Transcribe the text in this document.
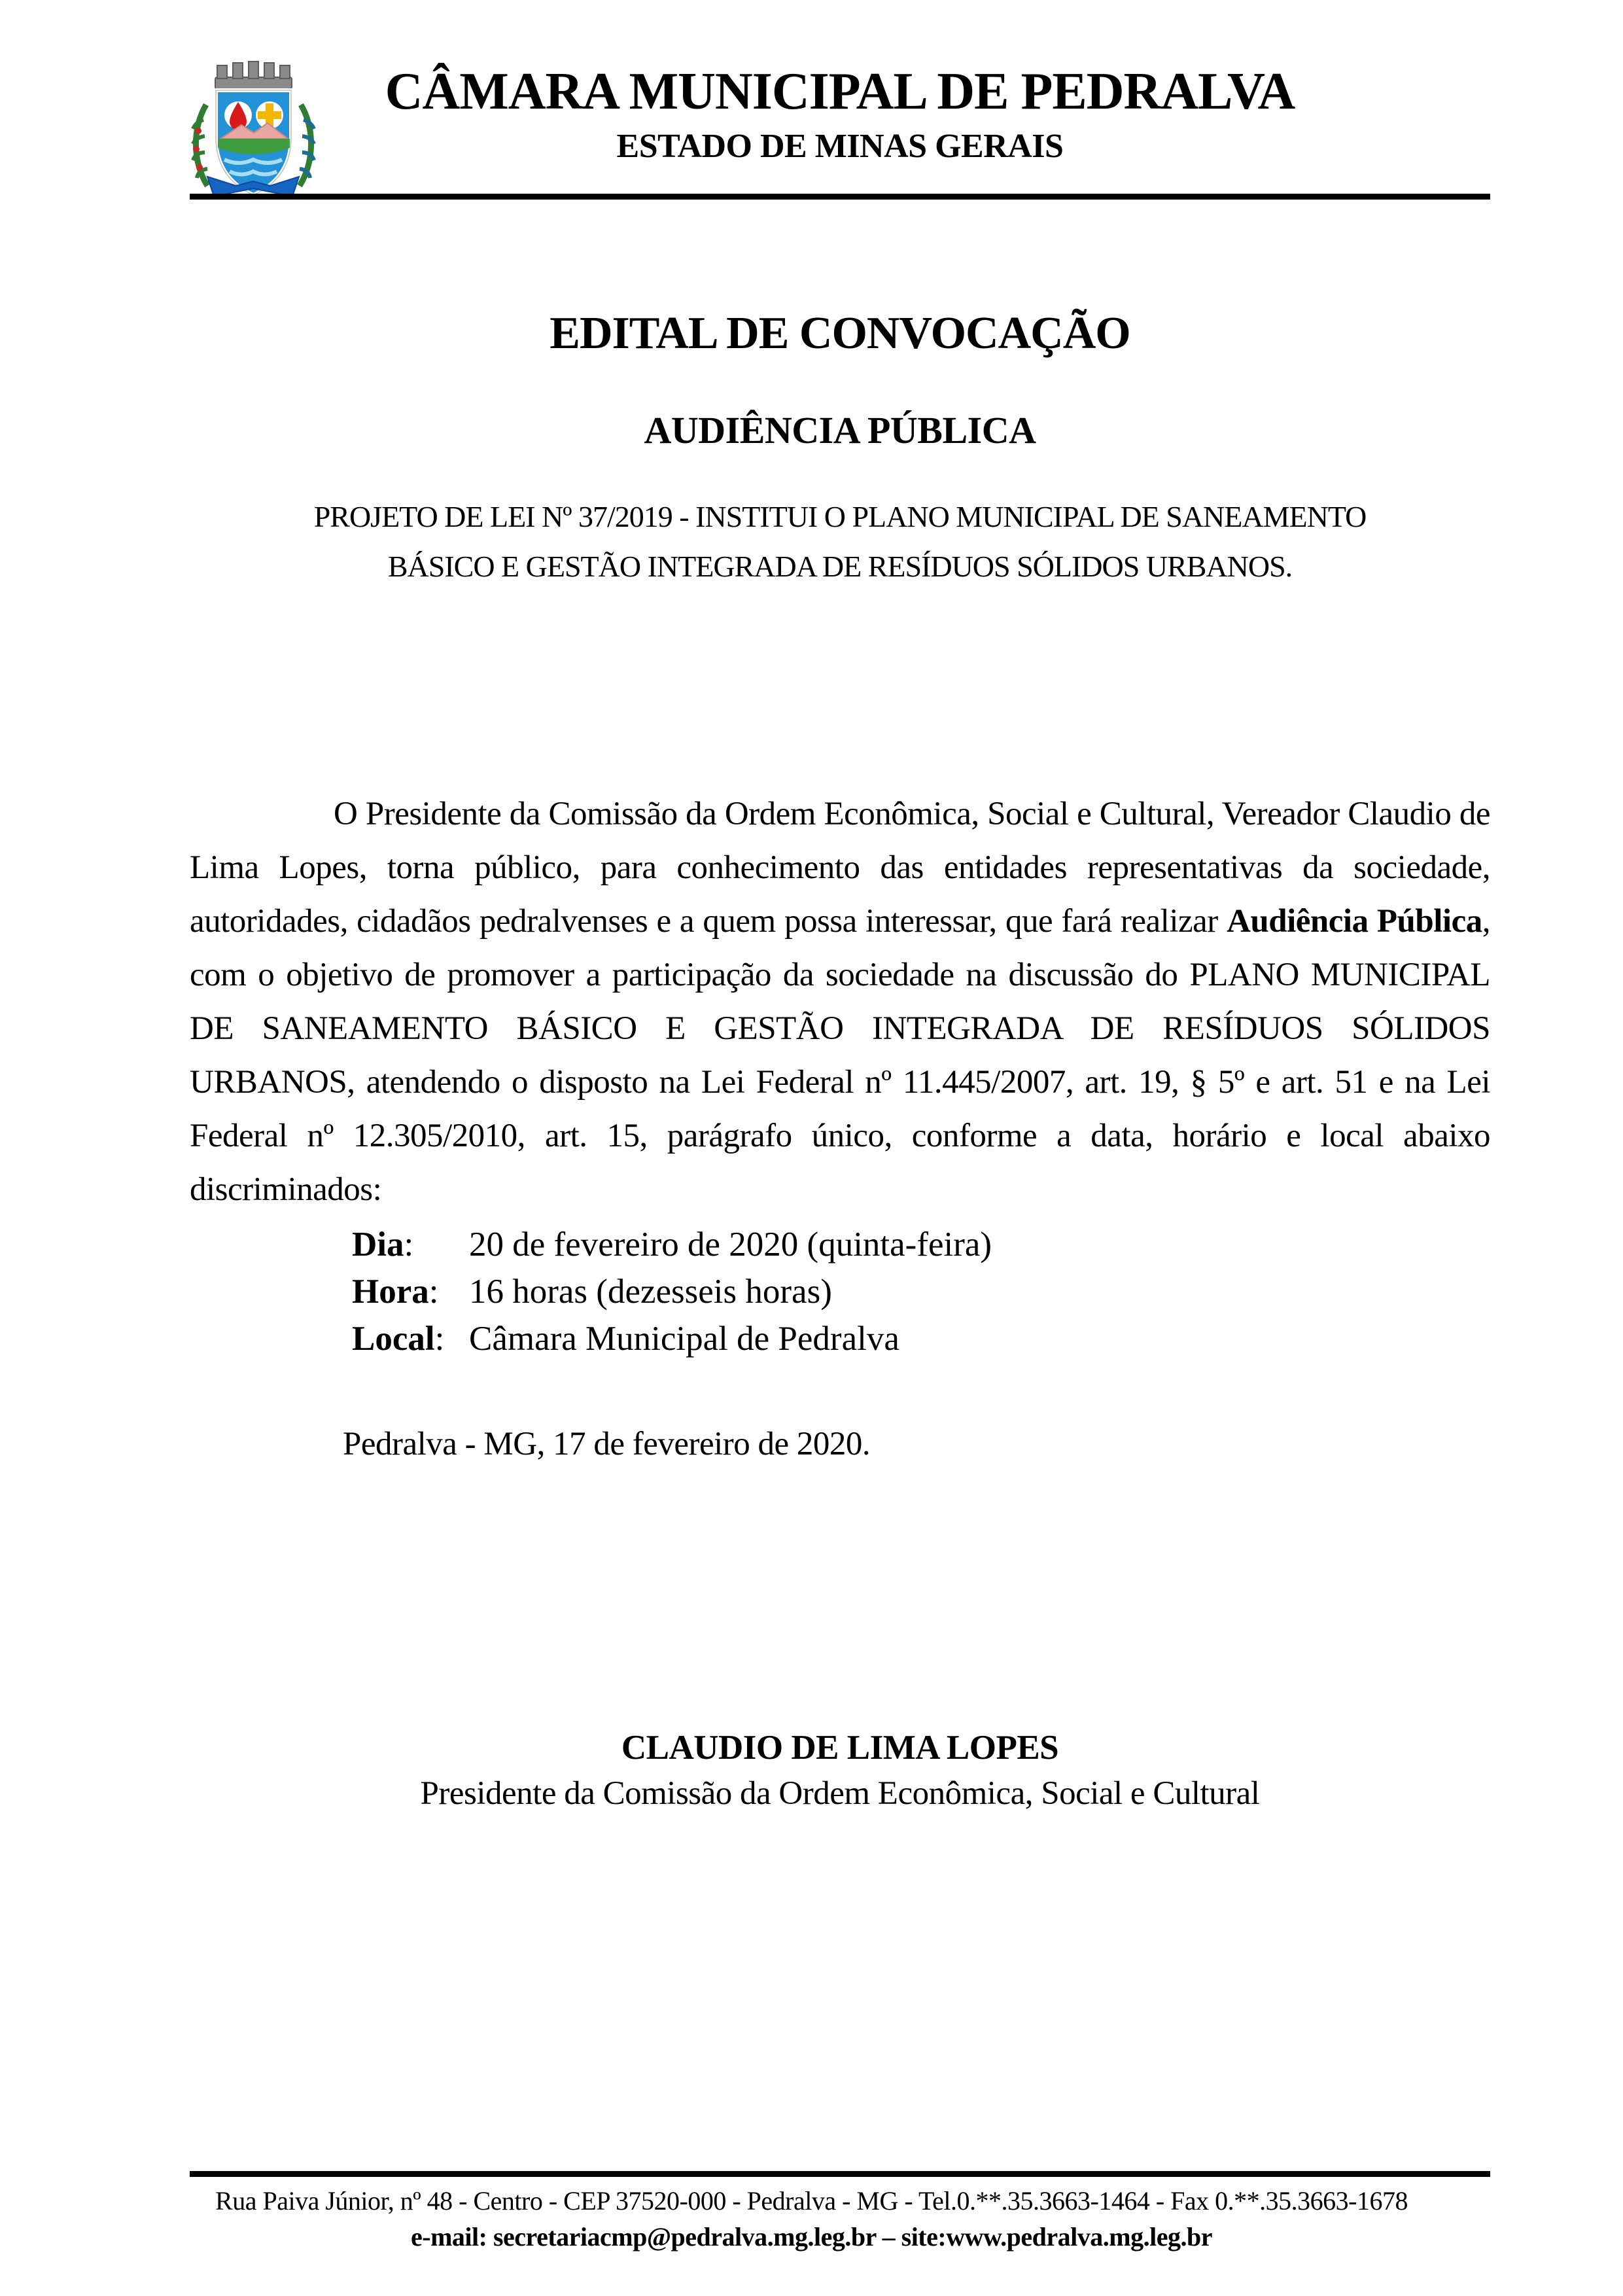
CÂMARA MUNICIPAL DE PEDRALVA
ESTADO DE MINAS GERAIS
EDITAL DE CONVOCAÇÃO
AUDIÊNCIA PÚBLICA
PROJETO DE LEI Nº 37/2019 - INSTITUI O PLANO MUNICIPAL DE SANEAMENTO
BÁSICO E GESTÃO INTEGRADA DE RESÍDUOS SÓLIDOS URBANOS.

O Presidente da Comissão da Ordem Econômica, Social e Cultural, Vereador Claudio de Lima Lopes, torna público, para conhecimento das entidades representativas da sociedade, autoridades, cidadãos pedralvenses e a quem possa interessar, que fará realizar Audiência Pública, com o objetivo de promover a participação da sociedade na discussão do PLANO MUNICIPAL DE SANEAMENTO BÁSICO E GESTÃO INTEGRADA DE RESÍDUOS SÓLIDOS URBANOS, atendendo o disposto na Lei Federal nº 11.445/2007, art. 19, § 5º e art. 51 e na Lei Federal nº 12.305/2010, art. 15, parágrafo único, conforme a data, horário e local abaixo discriminados:

Dia:	20 de fevereiro de 2020 (quinta-feira)
Hora: 16 horas (dezesseis horas)
Local: Câmara Municipal de Pedralva
Pedralva - MG, 17 de fevereiro de 2020.
CLAUDIO DE LIMA LOPES
Presidente da Comissão da Ordem Econômica, Social e Cultural
Rua Paiva Júnior, nº 48 - Centro - CEP 37520-000 - Pedralva - MG - Tel.0.**.35.3663-1464 - Fax 0.**.35.3663-1678
e-mail: secretariacmp@pedralva.mg.leg.br – site:www.pedralva.mg.leg.br
